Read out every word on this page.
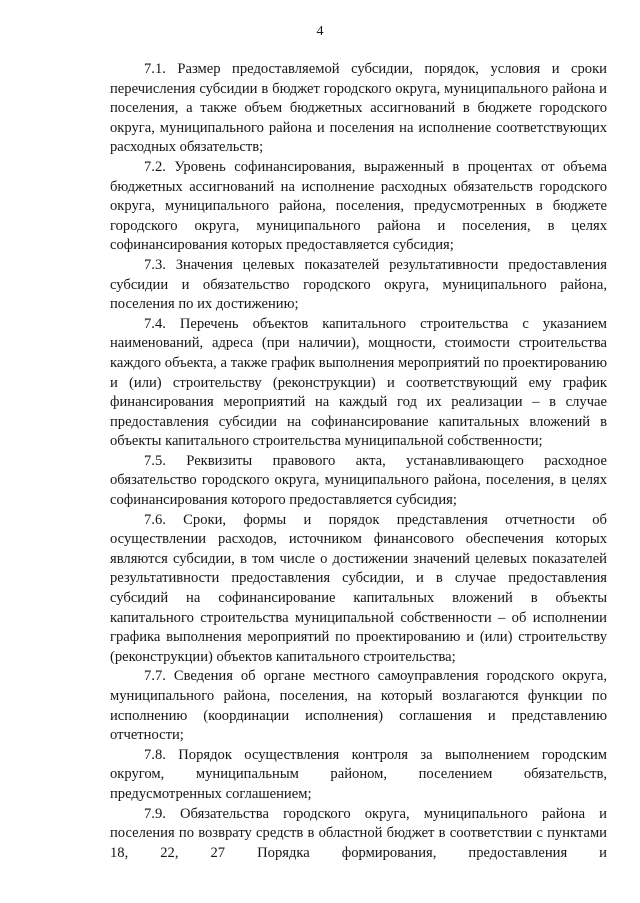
4

7.1. Размер предоставляемой субсидии, порядок, условия и сроки перечисления субсидии в бюджет городского округа, муниципального района и поселения, а также объем бюджетных ассигнований в бюджете городского округа, муниципального района и поселения на исполнение соответствующих расходных обязательств;

7.2. Уровень софинансирования, выраженный в процентах от объема бюджетных ассигнований на исполнение расходных обязательств городского округа, муниципального района, поселения, предусмотренных в бюджете городского округа, муниципального района и поселения, в целях софинансирования которых предоставляется субсидия;

7.3. Значения целевых показателей результативности предоставления субсидии и обязательство городского округа, муниципального района, поселения по их достижению;

7.4. Перечень объектов капитального строительства с указанием наименований, адреса (при наличии), мощности, стоимости строительства каждого объекта, а также график выполнения мероприятий по проектированию и (или) строительству (реконструкции) и соответствующий ему график финансирования мероприятий на каждый год их реализации – в случае предоставления субсидии на софинансирование капитальных вложений в объекты капитального строительства муниципальной собственности;

7.5. Реквизиты правового акта, устанавливающего расходное обязательство городского округа, муниципального района, поселения, в целях софинансирования которого предоставляется субсидия;

7.6. Сроки, формы и порядок представления отчетности об осуществлении расходов, источником финансового обеспечения которых являются субсидии, в том числе о достижении значений целевых показателей результативности предоставления субсидии, и в случае предоставления субсидий на софинансирование капитальных вложений в объекты капитального строительства муниципальной собственности – об исполнении графика выполнения мероприятий по проектированию и (или) строительству (реконструкции) объектов капитального строительства;

7.7. Сведения об органе местного самоуправления городского округа, муниципального района, поселения, на который возлагаются функции по исполнению (координации исполнения) соглашения и представлению отчетности;

7.8. Порядок осуществления контроля за выполнением городским округом, муниципальным районом, поселением обязательств, предусмотренных соглашением;

7.9. Обязательства городского округа, муниципального района и поселения по возврату средств в областной бюджет в соответствии с пунктами 18, 22, 27 Порядка формирования, предоставления и
